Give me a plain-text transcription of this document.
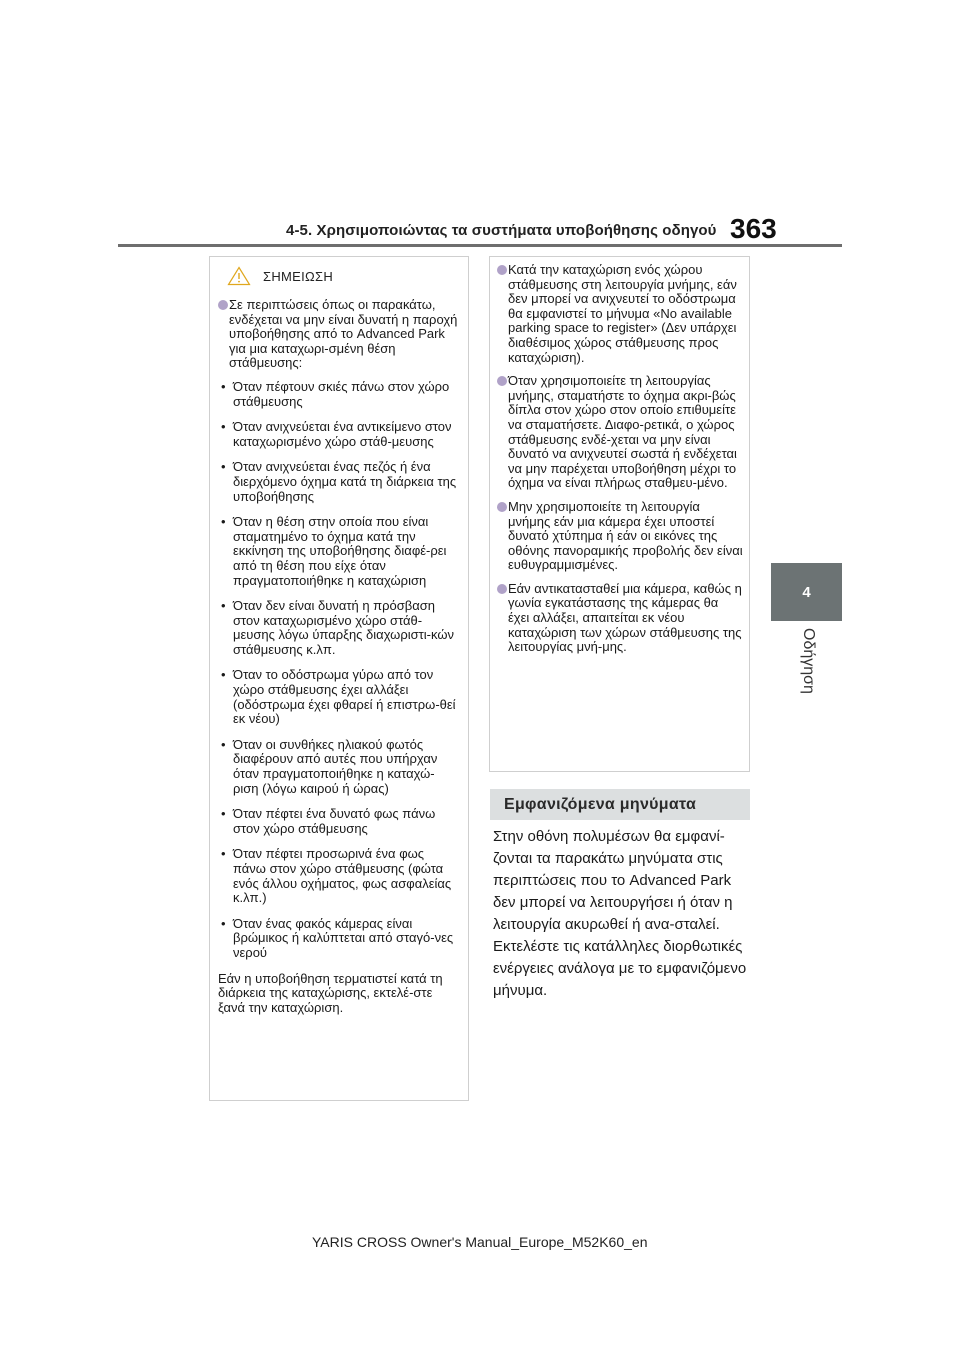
4-5. Χρησιμοποιώντας τα συστήματα υποβοήθησης οδηγού 363
4
Οδήγηση
ΣΗΜΕΙΩΣΗ
Σε περιπτώσεις όπως οι παρακάτω, ενδέχεται να μην είναι δυνατή η παροχή υποβοήθησης από το Advanced Park για μια καταχωρι-σμένη θέση στάθμευσης:
• Όταν πέφτουν σκιές πάνω στον χώρο στάθμευσης
• Όταν ανιχνεύεται ένα αντικείμενο στον καταχωρισμένο χώρο στάθ-μευσης
• Όταν ανιχνεύεται ένας πεζός ή ένα διερχόμενο όχημα κατά τη διάρκεια της υποβοήθησης
• Όταν η θέση στην οποία που είναι σταματημένο το όχημα κατά την εκκίνηση της υποβοήθησης διαφέ-ρει από τη θέση που είχε όταν πραγματοποιήθηκε η καταχώριση
• Όταν δεν είναι δυνατή η πρόσβαση στον καταχωρισμένο χώρο στάθ-μευσης λόγω ύπαρξης διαχωριστι-κών στάθμευσης κ.λπ.
• Όταν το οδόστρωμα γύρω από τον χώρο στάθμευσης έχει αλλάξει (οδόστρωμα έχει φθαρεί ή επιστρω-θεί εκ νέου)
• Όταν οι συνθήκες ηλιακού φωτός διαφέρουν από αυτές που υπήρχαν όταν πραγματοποιήθηκε η καταχώ-ριση (λόγω καιρού ή ώρας)
• Όταν πέφτει ένα δυνατό φως πάνω στον χώρο στάθμευσης
• Όταν πέφτει προσωρινά ένα φως πάνω στον χώρο στάθμευσης (φώτα ενός άλλου οχήματος, φως ασφαλείας κ.λπ.)
• Όταν ένας φακός κάμερας είναι βρώμικος ή καλύπτεται από σταγό-νες νερού
Εάν η υποβοήθηση τερματιστεί κατά τη διάρκεια της καταχώρισης, εκτελέ-στε ξανά την καταχώριση.
Κατά την καταχώριση ενός χώρου στάθμευσης στη λειτουργία μνήμης, εάν δεν μπορεί να ανιχνευτεί το οδόστρωμα θα εμφανιστεί το μήνυμα «No available parking space to register» (Δεν υπάρχει διαθέσιμος χώρος στάθμευσης προς καταχώριση).
Όταν χρησιμοποιείτε τη λειτουργίας μνήμης, σταματήστε το όχημα ακρι-βώς δίπλα στον χώρο στον οποίο επιθυμείτε να σταματήσετε. Διαφο-ρετικά, ο χώρος στάθμευσης ενδέ-χεται να μην είναι δυνατό να ανιχνευτεί σωστά ή ενδέχεται να μην παρέχεται υποβοήθηση μέχρι το όχημα να είναι πλήρως σταθμευ-μένο.
Μην χρησιμοποιείτε τη λειτουργία μνήμης εάν μια κάμερα έχει υποστεί δυνατό χτύπημα ή εάν οι εικόνες της οθόνης πανοραμικής προβολής δεν είναι ευθυγραμμισμένες.
Εάν αντικατασταθεί μια κάμερα, καθώς η γωνία εγκατάστασης της κάμερας θα έχει αλλάξει, απαιτείται εκ νέου καταχώριση των χώρων στάθμευσης της λειτουργίας μνή-μης.
Εμφανιζόμενα μηνύματα
Στην οθόνη πολυμέσων θα εμφανί-ζονται τα παρακάτω μηνύματα στις περιπτώσεις που το Advanced Park δεν μπορεί να λειτουργήσει ή όταν η λειτουργία ακυρωθεί ή ανα-σταλεί. Εκτελέστε τις κατάλληλες διορθωτικές ενέργειες ανάλογα με το εμφανιζόμενο μήνυμα.
YARIS CROSS Owner's Manual_Europe_M52K60_en
